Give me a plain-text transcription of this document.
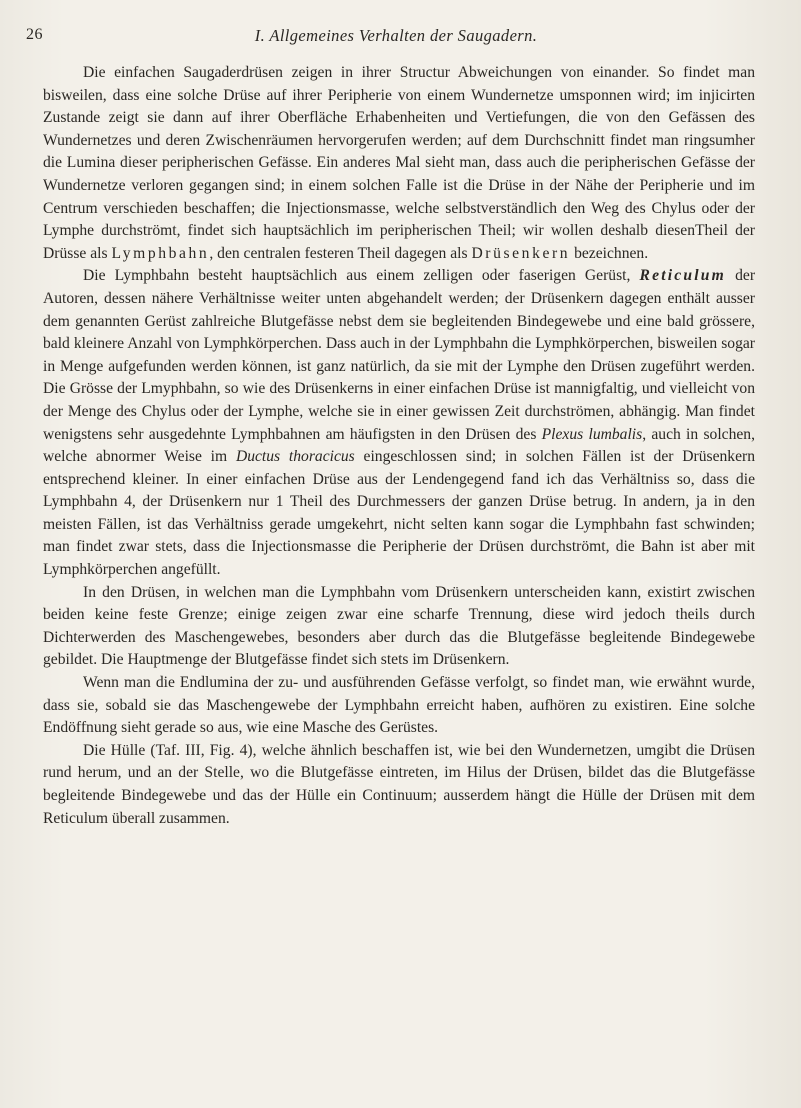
26	I. Allgemeines Verhalten der Saugadern.

Die einfachen Saugaderdrüsen zeigen in ihrer Structur Abweichungen von einander. So findet man bisweilen, dass eine solche Drüse auf ihrer Peripherie von einem Wundernetze umsponnen wird; im injicirten Zustande zeigt sie dann auf ihrer Oberfläche Erhabenheiten und Vertiefungen, die von den Gefässen des Wundernetzes und deren Zwischenräumen hervorgerufen werden; auf dem Durchschnitt findet man ringsumher die Lumina dieser peripherischen Gefässe. Ein anderes Mal sieht man, dass auch die peripherischen Gefässe der Wundernetze verloren gegangen sind; in einem solchen Falle ist die Drüse in der Nähe der Peripherie und im Centrum verschieden beschaffen; die Injectionsmasse, welche selbstverständlich den Weg des Chylus oder der Lymphe durchströmt, findet sich hauptsächlich im peripherischen Theil; wir wollen deshalb diesenTheil der Drüsse als Lymphbahn, den centralen festeren Theil dagegen als Drüsenkern bezeichnen.

Die Lymphbahn besteht hauptsächlich aus einem zelligen oder faserigen Gerüst, Reticulum der Autoren, dessen nähere Verhältnisse weiter unten abgehandelt werden; der Drüsenkern dagegen enthält ausser dem genannten Gerüst zahlreiche Blutgefässe nebst dem sie begleitenden Bindegewebe und eine bald grössere, bald kleinere Anzahl von Lymphkörperchen. Dass auch in der Lymphbahn die Lymphkörperchen, bisweilen sogar in Menge aufgefunden werden können, ist ganz natürlich, da sie mit der Lymphe den Drüsen zugeführt werden. Die Grösse der Lmyphbahn, so wie des Drüsenkerns in einer einfachen Drüse ist mannigfaltig, und vielleicht von der Menge des Chylus oder der Lymphe, welche sie in einer gewissen Zeit durchströmen, abhängig. Man findet wenigstens sehr ausgedehnte Lymphbahnen am häufigsten in den Drüsen des Plexus lumbalis, auch in solchen, welche abnormer Weise im Ductus thoracicus eingeschlossen sind; in solchen Fällen ist der Drüsenkern entsprechend kleiner. In einer einfachen Drüse aus der Lendengegend fand ich das Verhältniss so, dass die Lymphbahn 4, der Drüsenkern nur 1 Theil des Durchmessers der ganzen Drüse betrug. In andern, ja in den meisten Fällen, ist das Verhältniss gerade umgekehrt, nicht selten kann sogar die Lymphbahn fast schwinden; man findet zwar stets, dass die Injectionsmasse die Peripherie der Drüsen durchströmt, die Bahn ist aber mit Lymphkörperchen angefüllt.

In den Drüsen, in welchen man die Lymphbahn vom Drüsenkern unterscheiden kann, existirt zwischen beiden keine feste Grenze; einige zeigen zwar eine scharfe Trennung, diese wird jedoch theils durch Dichterwerden des Maschengewebes, besonders aber durch das die Blutgefässe begleitende Bindegewebe gebildet. Die Hauptmenge der Blutgefässe findet sich stets im Drüsenkern.

Wenn man die Endlumina der zu- und ausführenden Gefässe verfolgt, so findet man, wie erwähnt wurde, dass sie, sobald sie das Maschengewebe der Lymphbahn erreicht haben, aufhören zu existiren. Eine solche Endöffnung sieht gerade so aus, wie eine Masche des Gerüstes.

Die Hülle (Taf. III, Fig. 4), welche ähnlich beschaffen ist, wie bei den Wundernetzen, umgibt die Drüsen rund herum, und an der Stelle, wo die Blutgefässe eintreten, im Hilus der Drüsen, bildet das die Blutgefässe begleitende Bindegewebe und das der Hülle ein Continuum; ausserdem hängt die Hülle der Drüsen mit dem Reticulum überall zusammen.
